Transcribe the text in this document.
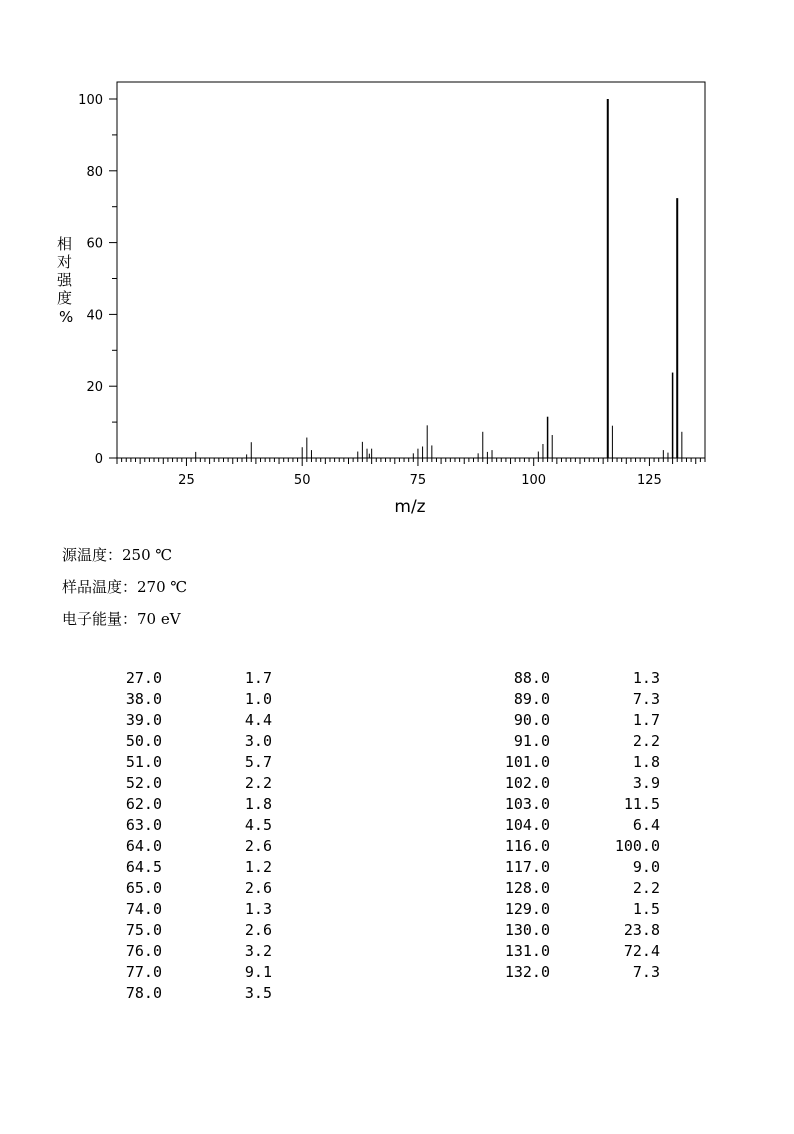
25	50	75	100	125
0
20
40
60
80
100
m/z
相对强度%
源温度：250 ℃
样品温度：270 ℃
电子能量：70 eV
27.0	1.7
38.0	1.0
39.0	4.4
50.0	3.0
51.0	5.7
52.0	2.2
62.0	1.8
63.0	4.5
64.0	2.6
64.5	1.2
65.0	2.6
74.0	1.3
75.0	2.6
76.0	3.2
77.0	9.1
78.0	3.5
88.0	1.3
89.0	7.3
90.0	1.7
91.0	2.2
101.0	1.8
102.0	3.9
103.0	11.5
104.0	6.4
116.0	100.0
117.0	9.0
128.0	2.2
129.0	1.5
130.0	23.8
131.0	72.4
132.0	7.3
